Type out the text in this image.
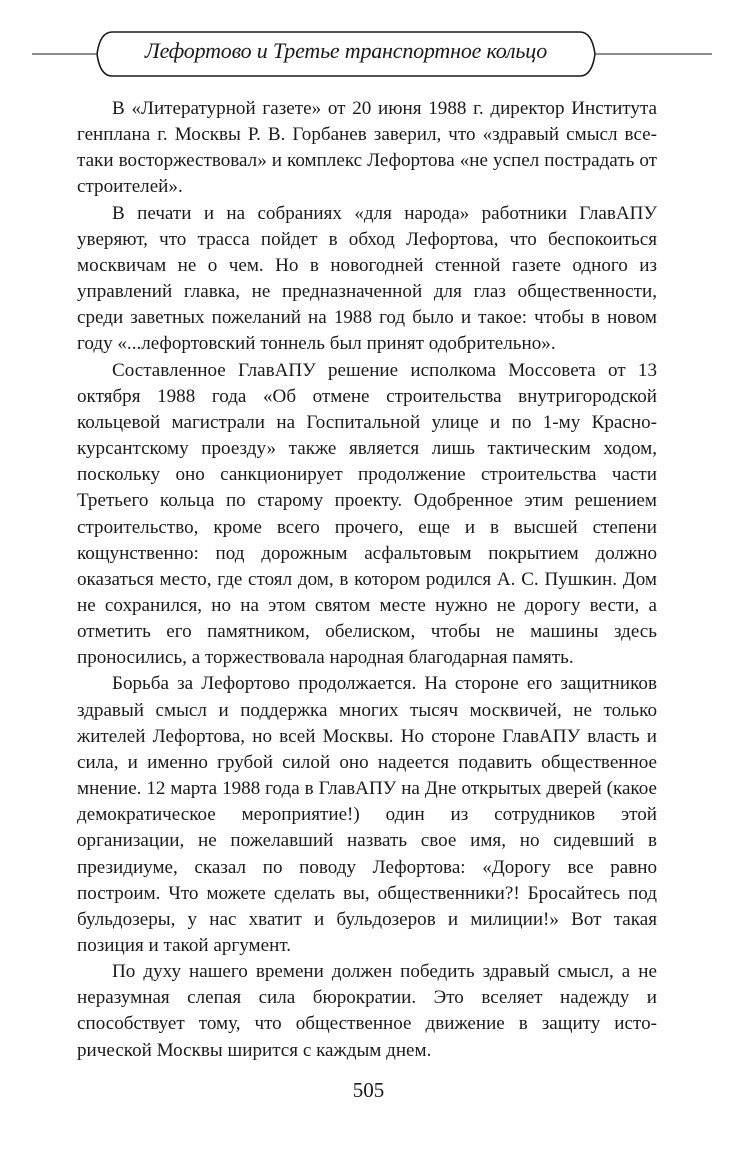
Лефортово и Третье транспортное кольцо

В «Литературной газете» от 20 июня 1988 г. директор Института генплана г. Москвы Р. В. Горбанев заверил, что «здравый смысл все-таки восторжествовал» и комплекс Лефортова «не успел пострадать от строителей».

В печати и на собраниях «для народа» работники ГлавАПУ уверяют, что трасса пойдет в обход Лефортова, что беспокоиться москвичам не о чем. Но в новогодней стенной газете одного из управлений главка, не предназначенной для глаз общественности, среди заветных пожеланий на 1988 год было и такое: чтобы в новом году «...лефортовский тоннель был принят одобрительно».

Составленное ГлавАПУ решение исполкома Моссовета от 13 октября 1988 года «Об отмене строительства внутригородской кольцевой магистрали на Госпитальной улице и по 1-му Краснокурсантскому проезду» также является лишь тактическим ходом, поскольку оно санкционирует продолжение строительства части Третьего кольца по старому проекту. Одобренное этим решением строительство, кроме всего прочего, еще и в высшей степени кощунственно: под дорожным асфальтовым покрытием должно оказаться место, где стоял дом, в котором родился А. С. Пушкин. Дом не сохранился, но на этом святом месте нужно не дорогу вести, а отметить его памятником, обелиском, чтобы не машины здесь проносились, а торжествовала народная благодарная память.

Борьба за Лефортово продолжается. На стороне его защитников здравый смысл и поддержка многих тысяч москвичей, не только жителей Лефортова, но всей Москвы. Но стороне ГлавАПУ власть и сила, и именно грубой силой оно надеется подавить общественное мнение. 12 марта 1988 года в ГлавАПУ на Дне открытых дверей (какое демократическое мероприятие!) один из сотрудников этой организации, не пожелавший назвать свое имя, но сидевший в президиуме, сказал по поводу Лефортова: «Дорогу все равно построим. Что можете сделать вы, общественники?! Бросайтесь под бульдозеры, у нас хватит и бульдозеров и милиции!» Вот такая позиция и такой аргумент.

По духу нашего времени должен победить здравый смысл, а не неразумная слепая сила бюрократии. Это вселяет надежду и способствует тому, что общественное движение в защиту исторической Москвы ширится с каждым днем.

505
